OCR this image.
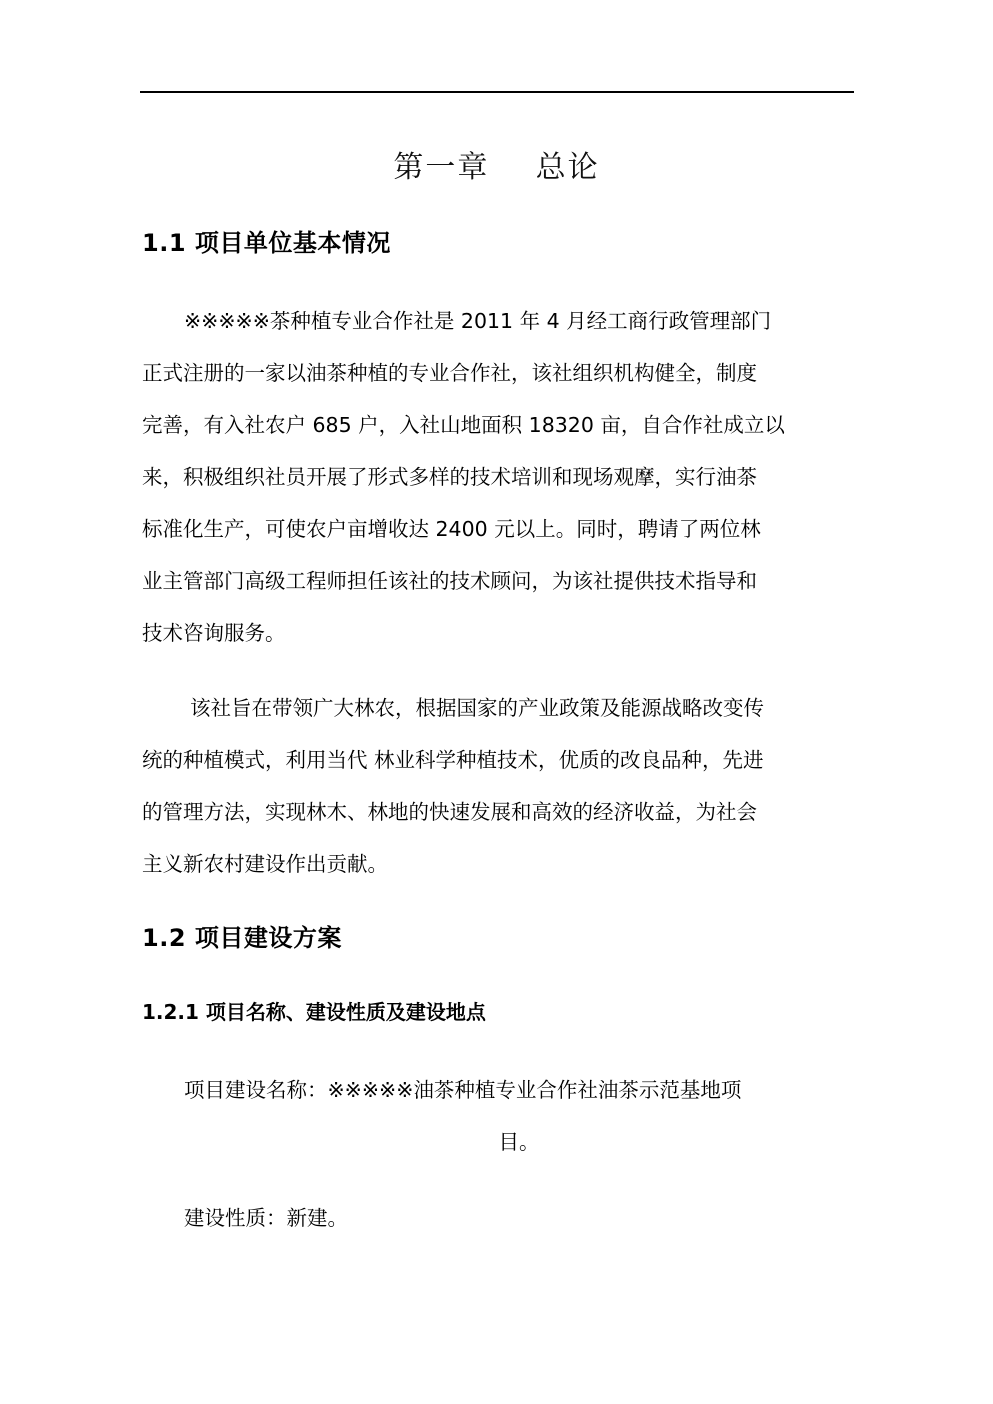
第一章    总论
1.1 项目单位基本情况
※※※※※茶种植专业合作社是 2011 年 4 月经工商行政管理部门
正式注册的一家以油茶种植的专业合作社，该社组织机构健全，制度
完善，有入社农户 685 户，入社山地面积 18320 亩，自合作社成立以
来，积极组织社员开展了形式多样的技术培训和现场观摩，实行油茶
标准化生产，可使农户亩增收达 2400 元以上。同时，聘请了两位林
业主管部门高级工程师担任该社的技术顾问，为该社提供技术指导和
技术咨询服务。
该社旨在带领广大林农，根据国家的产业政策及能源战略改变传
统的种植模式，利用当代 林业科学种植技术，优质的改良品种，先进
的管理方法，实现林木、林地的快速发展和高效的经济收益，为社会
主义新农村建设作出贡献。
1.2 项目建设方案
1.2.1 项目名称、建设性质及建设地点
项目建设名称：※※※※※油茶种植专业合作社油茶示范基地项
目。
建设性质：新建。
